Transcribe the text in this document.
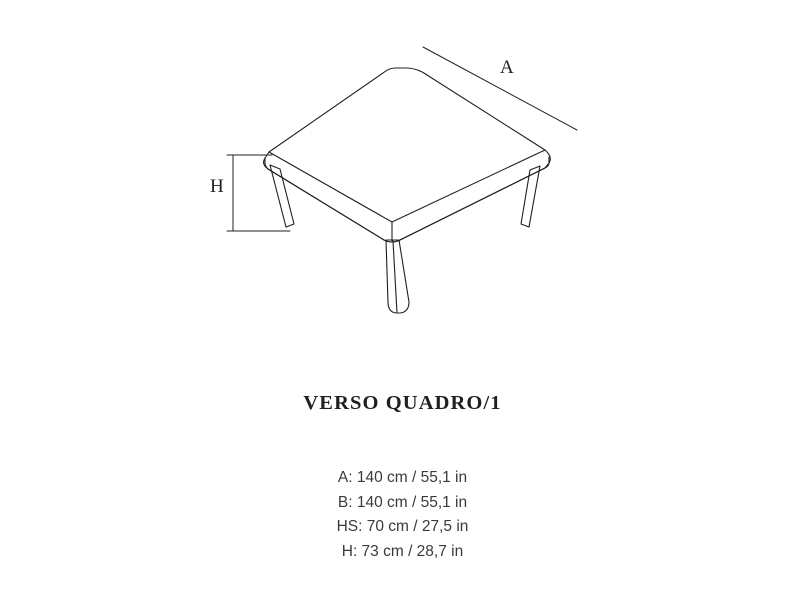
A
H
VERSO QUADRO/1
A: 140 cm / 55,1 in
B: 140 cm / 55,1 in
HS: 70 cm / 27,5 in
H: 73 cm / 28,7 in
